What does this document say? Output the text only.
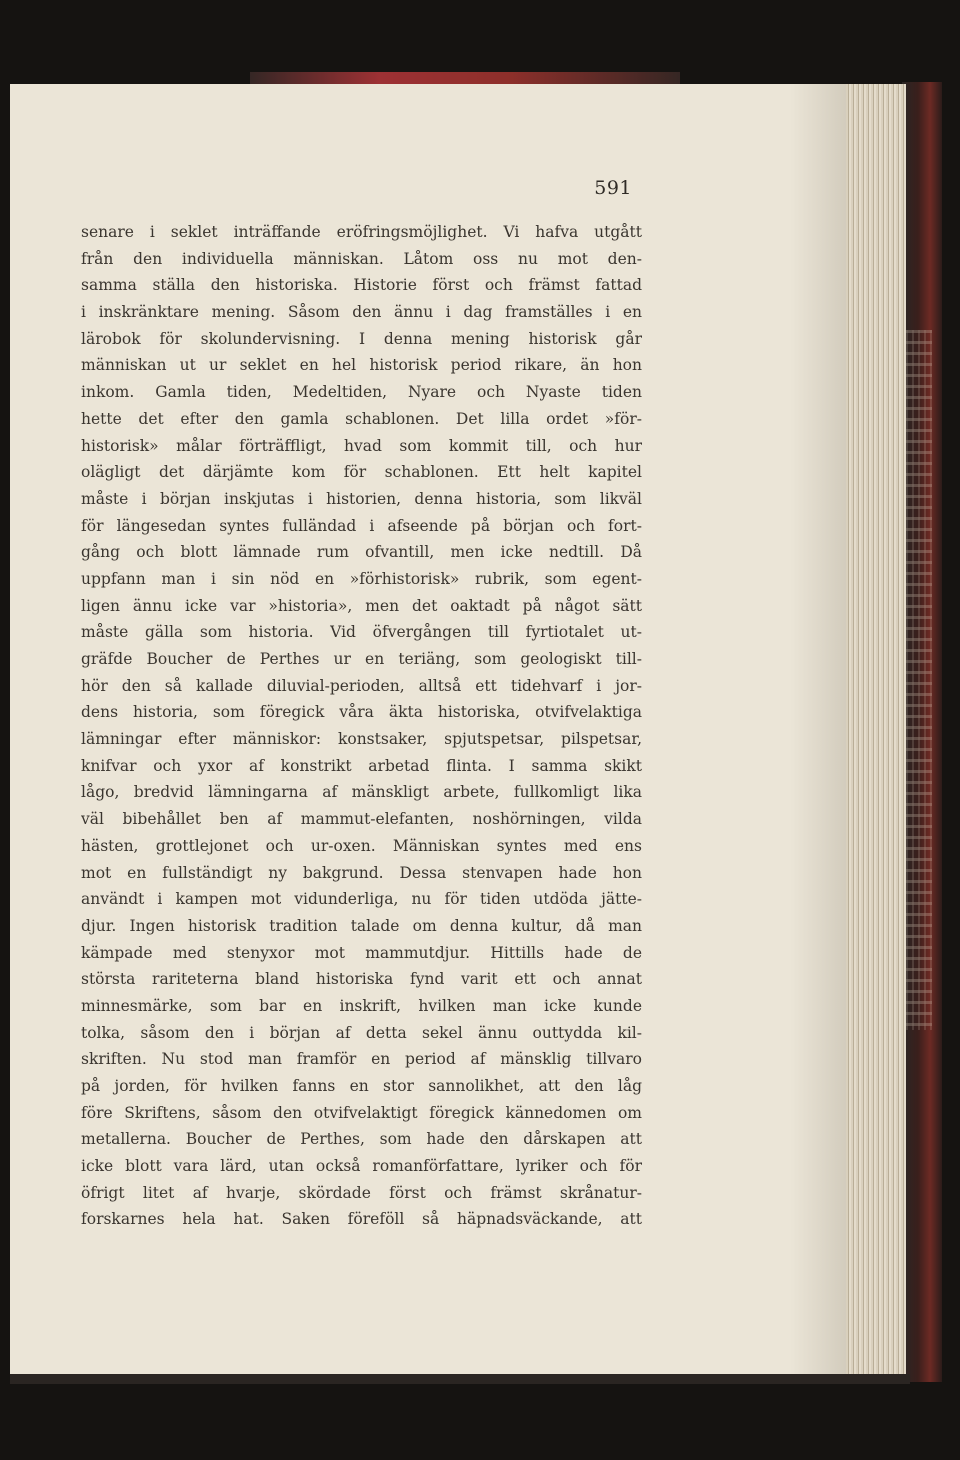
591

senare i seklet inträffande eröfringsmöjlighet. Vi hafva utgått
från den individuella människan. Låtom oss nu mot den-
samma ställa den historiska. Historie först och främst fattad
i inskränktare mening. Såsom den ännu i dag framställes i en
lärobok för skolundervisning. I denna mening historisk går
människan ut ur seklet en hel historisk period rikare, än hon
inkom. Gamla tiden, Medeltiden, Nyare och Nyaste tiden
hette det efter den gamla schablonen. Det lilla ordet »för-
historisk» målar förträffligt, hvad som kommit till, och hur
olägligt det därjämte kom för schablonen. Ett helt kapitel
måste i början inskjutas i historien, denna historia, som likväl
för längesedan syntes fulländad i afseende på början och fort-
gång och blott lämnade rum ofvantill, men icke nedtill. Då
uppfann man i sin nöd en »förhistorisk» rubrik, som egent-
ligen ännu icke var »historia», men det oaktadt på något sätt
måste gälla som historia. Vid öfvergången till fyrtiotalet ut-
gräfde Boucher de Perthes ur en teriäng, som geologiskt till-
hör den så kallade diluvial-perioden, alltså ett tidehvarf i jor-
dens historia, som föregick våra äkta historiska, otvifvelaktiga
lämningar efter människor: konstsaker, spjutspetsar, pilspetsar,
knifvar och yxor af konstrikt arbetad flinta. I samma skikt
lågo, bredvid lämningarna af mänskligt arbete, fullkomligt lika
väl bibehållet ben af mammut-elefanten, noshörningen, vilda
hästen, grottlejonet och ur-oxen. Människan syntes med ens
mot en fullständigt ny bakgrund. Dessa stenvapen hade hon
användt i kampen mot vidunderliga, nu för tiden utdöda jätte-
djur. Ingen historisk tradition talade om denna kultur, då man
kämpade med stenyxor mot mammutdjur. Hittills hade de
största rariteterna bland historiska fynd varit ett och annat
minnesmärke, som bar en inskrift, hvilken man icke kunde
tolka, såsom den i början af detta sekel ännu outtydda kil-
skriften. Nu stod man framför en period af mänsklig tillvaro
på jorden, för hvilken fanns en stor sannolikhet, att den låg
före Skriftens, såsom den otvifvelaktigt föregick kännedomen om
metallerna. Boucher de Perthes, som hade den dårskapen att
icke blott vara lärd, utan också romanförfattare, lyriker och för
öfrigt litet af hvarje, skördade först och främst skrånatur-
forskarnes hela hat. Saken föreföll så häpnadsväckande, att
